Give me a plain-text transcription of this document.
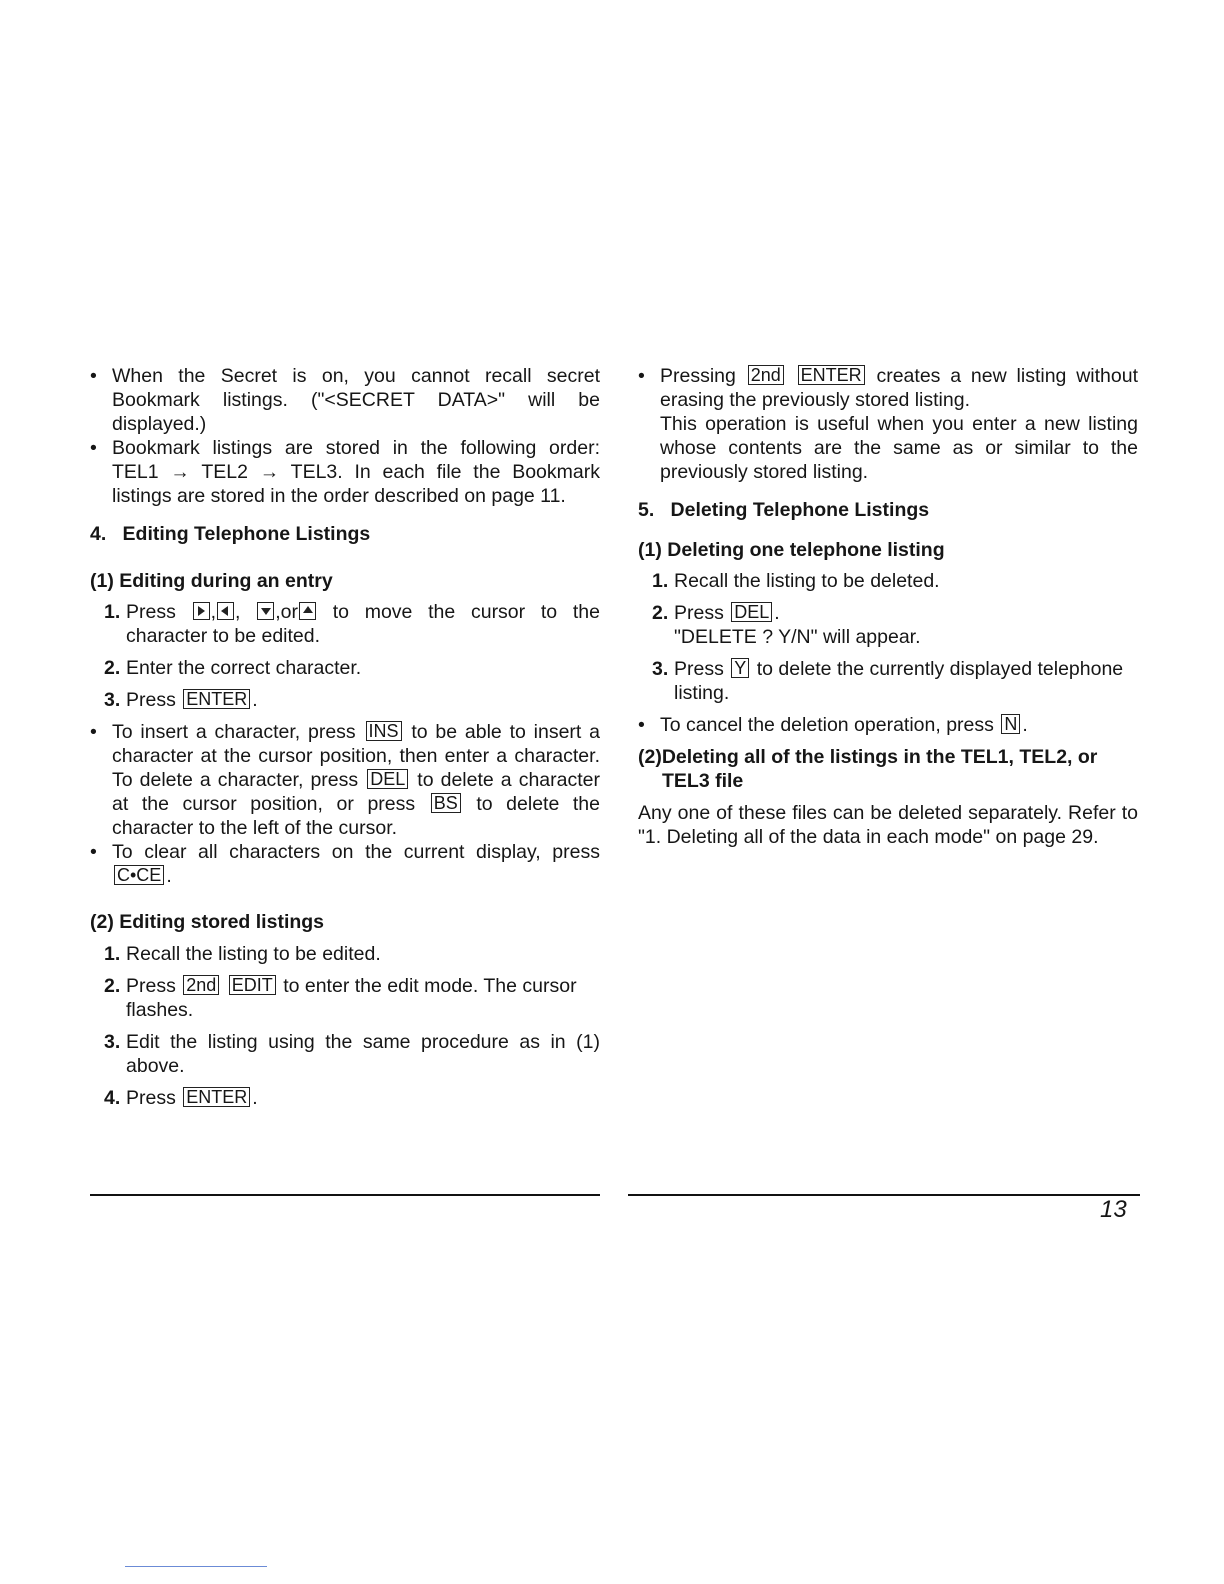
• When the Secret is on, you cannot recall secret Bookmark listings. ("<SECRET DATA>" will be displayed.)

• Bookmark listings are stored in the following order: TEL1 → TEL2 → TEL3. In each file the Bookmark listings are stored in the order described on page 11.

4. Editing Telephone Listings

(1) Editing during an entry

1. Press , ,
,or to move the cursor to the character to be edited.

2. Enter the correct character.

3. Press ENTER .

• To insert a character, press INS to be able to insert a character at the cursor position, then enter a character. To delete a character, press DEL to delete a character at the cursor position, or press BS to delete the character to the left of the cursor.

• To clear all characters on the current display, press C•CE .

(2) Editing stored listings

1. Recall the listing to be edited.

2. Press 2nd EDIT to enter the edit mode. The cursor flashes.

3. Edit the listing using the same procedure as in (1) above.

4. Press ENTER .

• Pressing 2nd ENTER creates a new listing without erasing the previously stored listing.
This operation is useful when you enter a new listing whose contents are the same as or similar to the previously stored listing.

5. Deleting Telephone Listings

(1) Deleting one telephone listing

1. Recall the listing to be deleted.

2. Press DEL .
"DELETE ? Y/N" will appear.

3. Press Y to delete the currently displayed telephone listing.

• To cancel the deletion operation, press N .

(2)Deleting all of the listings in the TEL1, TEL2, or TEL3 file

Any one of these files can be deleted separately. Refer to "1. Deleting all of the data in each mode" on page 29.

13
